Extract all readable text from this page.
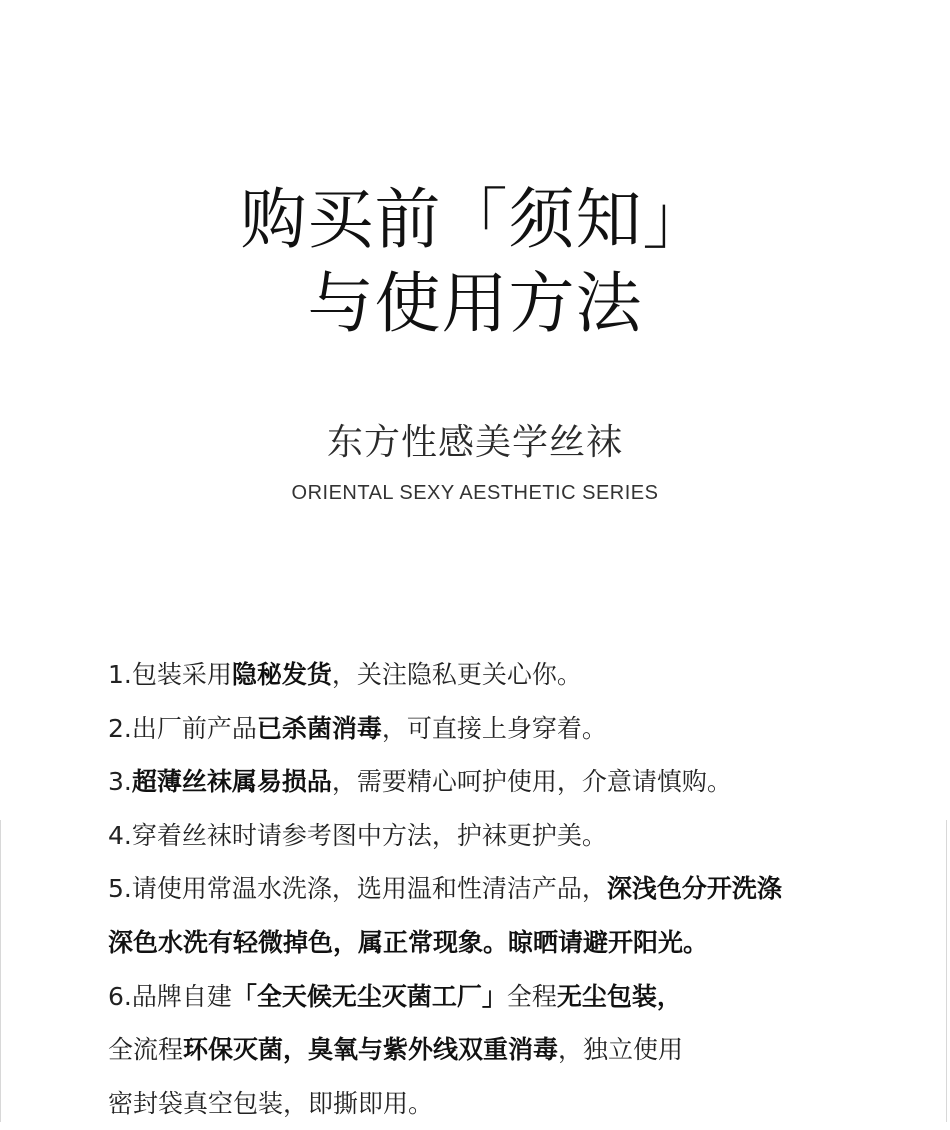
购买前「须知」
与使用方法
东方性感美学丝袜
ORIENTAL SEXY AESTHETIC SERIES
1.包装采用隐秘发货，关注隐私更关心你。
2.出厂前产品已杀菌消毒，可直接上身穿着。
3.超薄丝袜属易损品，需要精心呵护使用，介意请慎购。
4.穿着丝袜时请参考图中方法，护袜更护美。
5.请使用常温水洗涤，选用温和性清洁产品，深浅色分开洗涤
深色水洗有轻微掉色，属正常现象。晾晒请避开阳光。
6.品牌自建「全天候无尘灭菌工厂」全程无尘包装，
全流程环保灭菌，臭氧与紫外线双重消毒，独立使用
密封袋真空包装，即撕即用。
